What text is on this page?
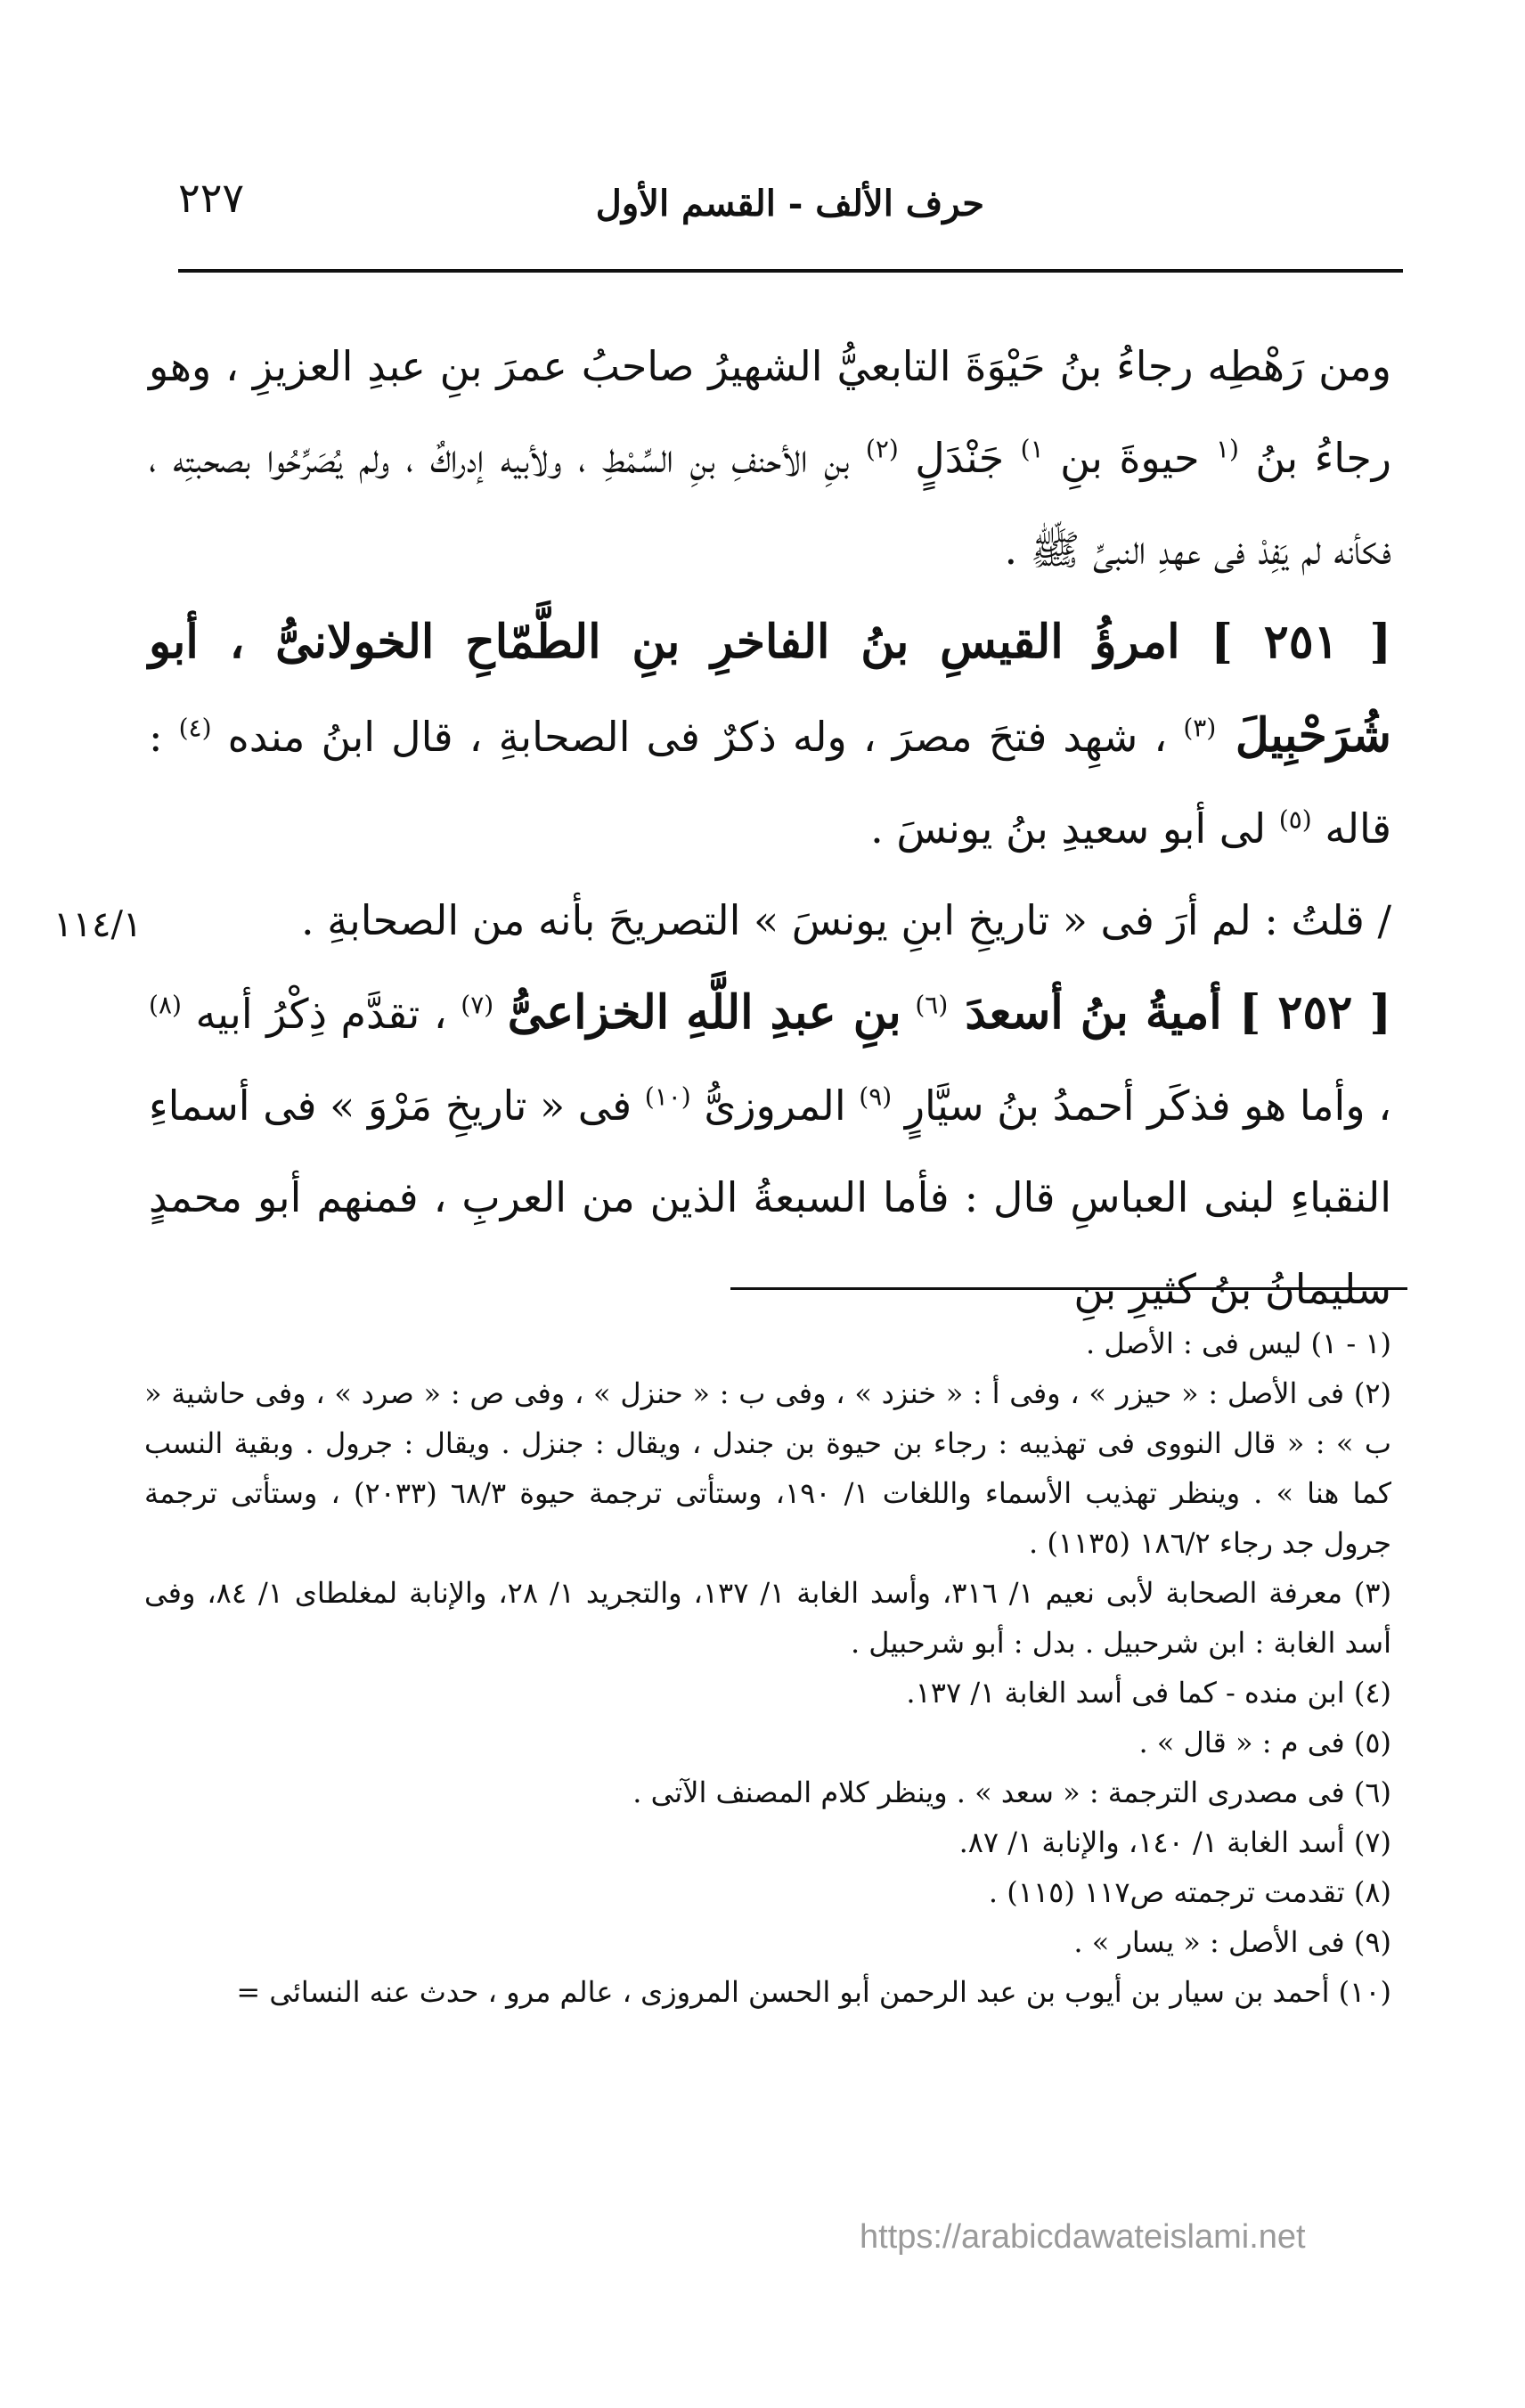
حرف الألف - القسم الأول
٢٢٧

ومن رَهْطِه رجاءُ بنُ حَيْوَةَ التابعيُّ الشهيرُ صاحبُ عمرَ بنِ عبدِ العزيزِ ، وهو رجاءُ بنُ $^{(١}$ حيوةَ بنِ $^{١)}$ جَنْدَلٍ $^{(٢)}$ بنِ الأحنفِ بنِ السِّمْطِ ، ولأبيه إدراكٌ ، ولم يُصَرِّحُوا بصحبتِه ، فكأنه لم يَفِدْ فى عهدِ النبىِّ ﷺ .

[ ٢٥١ ] امرؤُ القيسِ بنُ الفاخرِ بنِ الطَّمّاحِ الخولانىُّ ، أبو شُرَحْبِيلَ $^{(٣)}$ ، شهِد فتحَ مصرَ ، وله ذكرٌ فى الصحابةِ ، قال ابنُ منده $^{(٤)}$ : قاله $^{(٥)}$ لى أبو سعيدِ بنُ يونسَ .

/ قلتُ : لم أرَ فى « تاريخِ ابنِ يونسَ » التصريحَ بأنه من الصحابةِ .

[ ٢٥٢ ] أميةُ بنُ أسعدَ $^{(٦)}$ بنِ عبدِ اللَّهِ الخزاعىُّ $^{(٧)}$ ، تقدَّم ذِكْرُ أبيه $^{(٨)}$ ، وأما هو فذكَر أحمدُ بنُ سيَّارٍ $^{(٩)}$ المروزىُّ $^{(١٠)}$ فى « تاريخِ مَرْوَ » فى أسماءِ النقباءِ لبنى العباسِ قال : فأما السبعةُ الذين من العربِ ، فمنهم أبو محمدٍ سليمانُ بنُ كثيرِ بنِ

١١٤/١

(١ - ١) ليس فى : الأصل .

(٢) فى الأصل : « حيزر » ، وفى أ : « خنزد » ، وفى ب : « حنزل » ، وفى ص : « صرد » ، وفى حاشية « ب » : « قال النووى فى تهذيبه : رجاء بن حيوة بن جندل ، ويقال : جنزل . ويقال : جرول . وبقية النسب كما هنا » . وينظر تهذيب الأسماء واللغات ١/ ١٩٠، وستأتى ترجمة حيوة ٦٨/٣ (٢٠٣٣) ، وستأتى ترجمة جرول جد رجاء ١٨٦/٢ (١١٣٥) .

(٣) معرفة الصحابة لأبى نعيم ١/ ٣١٦، وأسد الغابة ١/ ١٣٧، والتجريد ١/ ٢٨، والإنابة لمغلطاى ١/ ٨٤، وفى أسد الغابة : ابن شرحبيل . بدل : أبو شرحبيل .

(٤) ابن منده - كما فى أسد الغابة ١/ ١٣٧.

(٥) فى م : « قال » .

(٦) فى مصدرى الترجمة : « سعد » . وينظر كلام المصنف الآتى .

(٧) أسد الغابة ١/ ١٤٠، والإنابة ١/ ٨٧.

(٨) تقدمت ترجمته ص١١٧ (١١٥) .

(٩) فى الأصل : « يسار » .

(١٠) أحمد بن سيار بن أيوب بن عبد الرحمن أبو الحسن المروزى ، عالم مرو ، حدث عنه النسائى =

https://arabicdawateislami.net
